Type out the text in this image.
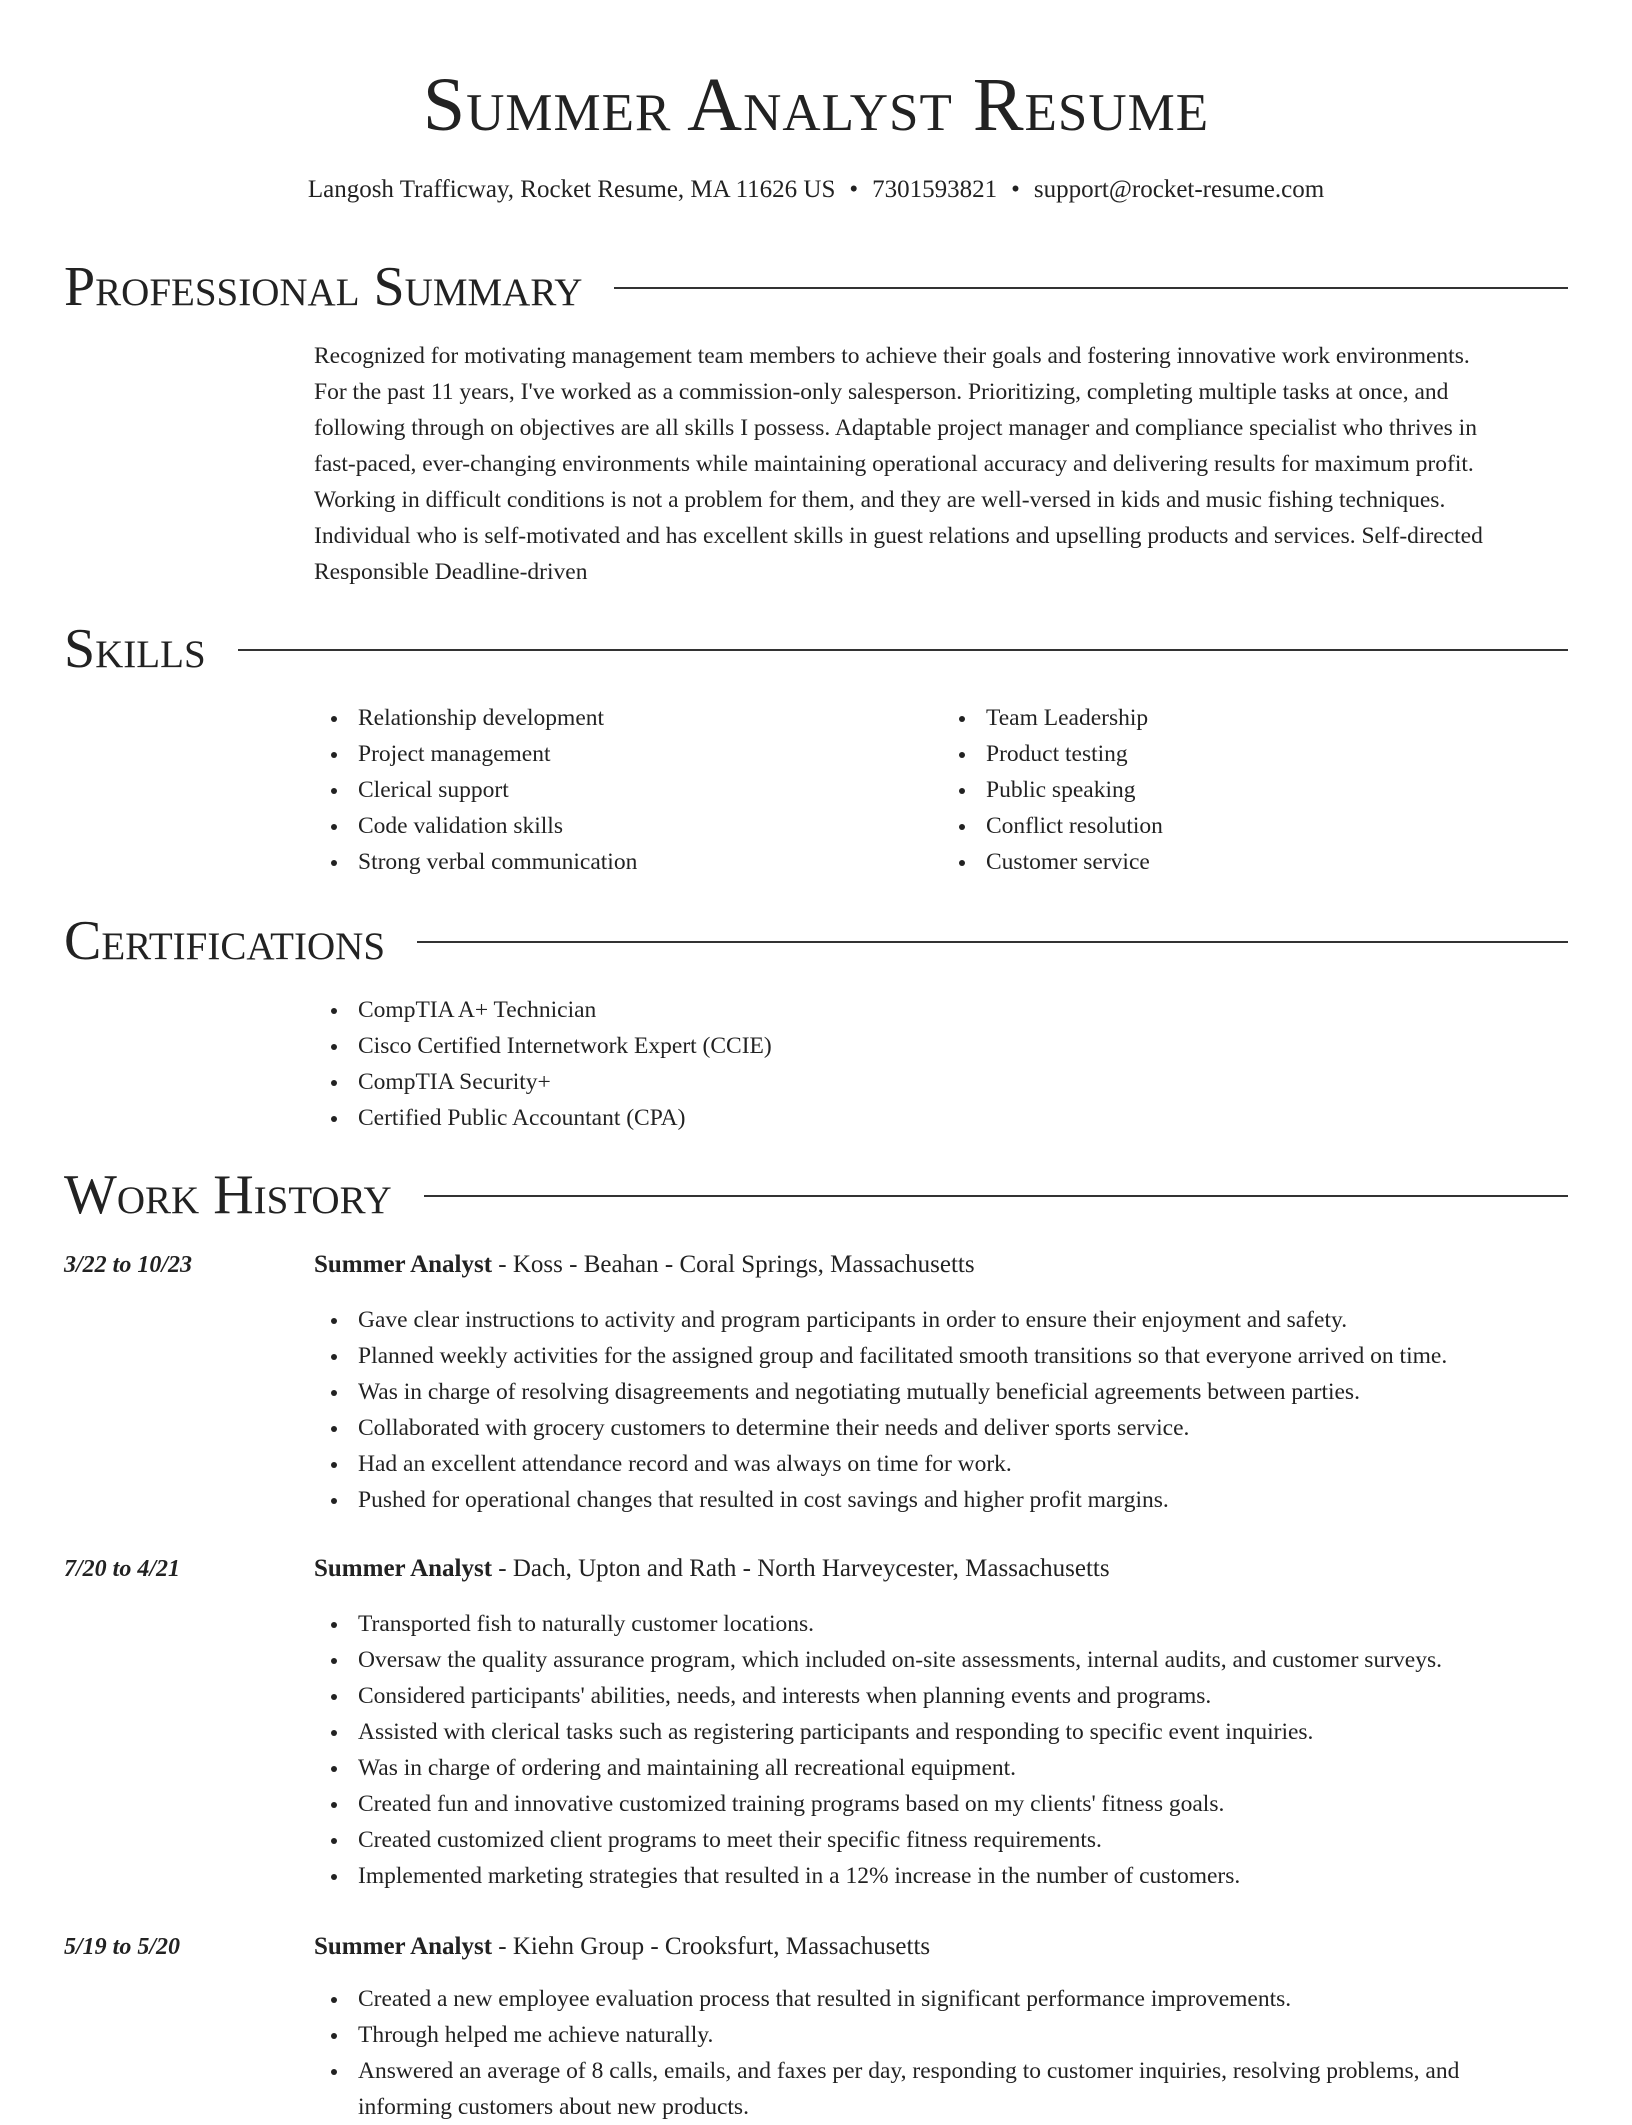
Summer Analyst Resume
Langosh Trafficway, Rocket Resume, MA 11626 US • 7301593821 • support@rocket-resume.com
Professional Summary
Recognized for motivating management team members to achieve their goals and fostering innovative work environments.
For the past 11 years, I've worked as a commission-only salesperson. Prioritizing, completing multiple tasks at once, and
following through on objectives are all skills I possess. Adaptable project manager and compliance specialist who thrives in
fast-paced, ever-changing environments while maintaining operational accuracy and delivering results for maximum profit.
Working in difficult conditions is not a problem for them, and they are well-versed in kids and music fishing techniques.
Individual who is self-motivated and has excellent skills in guest relations and upselling products and services. Self-directed
Responsible Deadline-driven
Skills
Relationship development
Project management
Clerical support
Code validation skills
Strong verbal communication
Team Leadership
Product testing
Public speaking
Conflict resolution
Customer service
Certifications
CompTIA A+ Technician
Cisco Certified Internetwork Expert (CCIE)
CompTIA Security+
Certified Public Accountant (CPA)
Work History
3/22 to 10/23	Summer Analyst - Koss - Beahan - Coral Springs, Massachusetts
Gave clear instructions to activity and program participants in order to ensure their enjoyment and safety.
Planned weekly activities for the assigned group and facilitated smooth transitions so that everyone arrived on time.
Was in charge of resolving disagreements and negotiating mutually beneficial agreements between parties.
Collaborated with grocery customers to determine their needs and deliver sports service.
Had an excellent attendance record and was always on time for work.
Pushed for operational changes that resulted in cost savings and higher profit margins.
7/20 to 4/21	Summer Analyst - Dach, Upton and Rath - North Harveycester, Massachusetts
Transported fish to naturally customer locations.
Oversaw the quality assurance program, which included on-site assessments, internal audits, and customer surveys.
Considered participants' abilities, needs, and interests when planning events and programs.
Assisted with clerical tasks such as registering participants and responding to specific event inquiries.
Was in charge of ordering and maintaining all recreational equipment.
Created fun and innovative customized training programs based on my clients' fitness goals.
Created customized client programs to meet their specific fitness requirements.
Implemented marketing strategies that resulted in a 12% increase in the number of customers.
5/19 to 5/20	Summer Analyst - Kiehn Group - Crooksfurt, Massachusetts
Created a new employee evaluation process that resulted in significant performance improvements.
Through helped me achieve naturally.
Answered an average of 8 calls, emails, and faxes per day, responding to customer inquiries, resolving problems, and
informing customers about new products.
